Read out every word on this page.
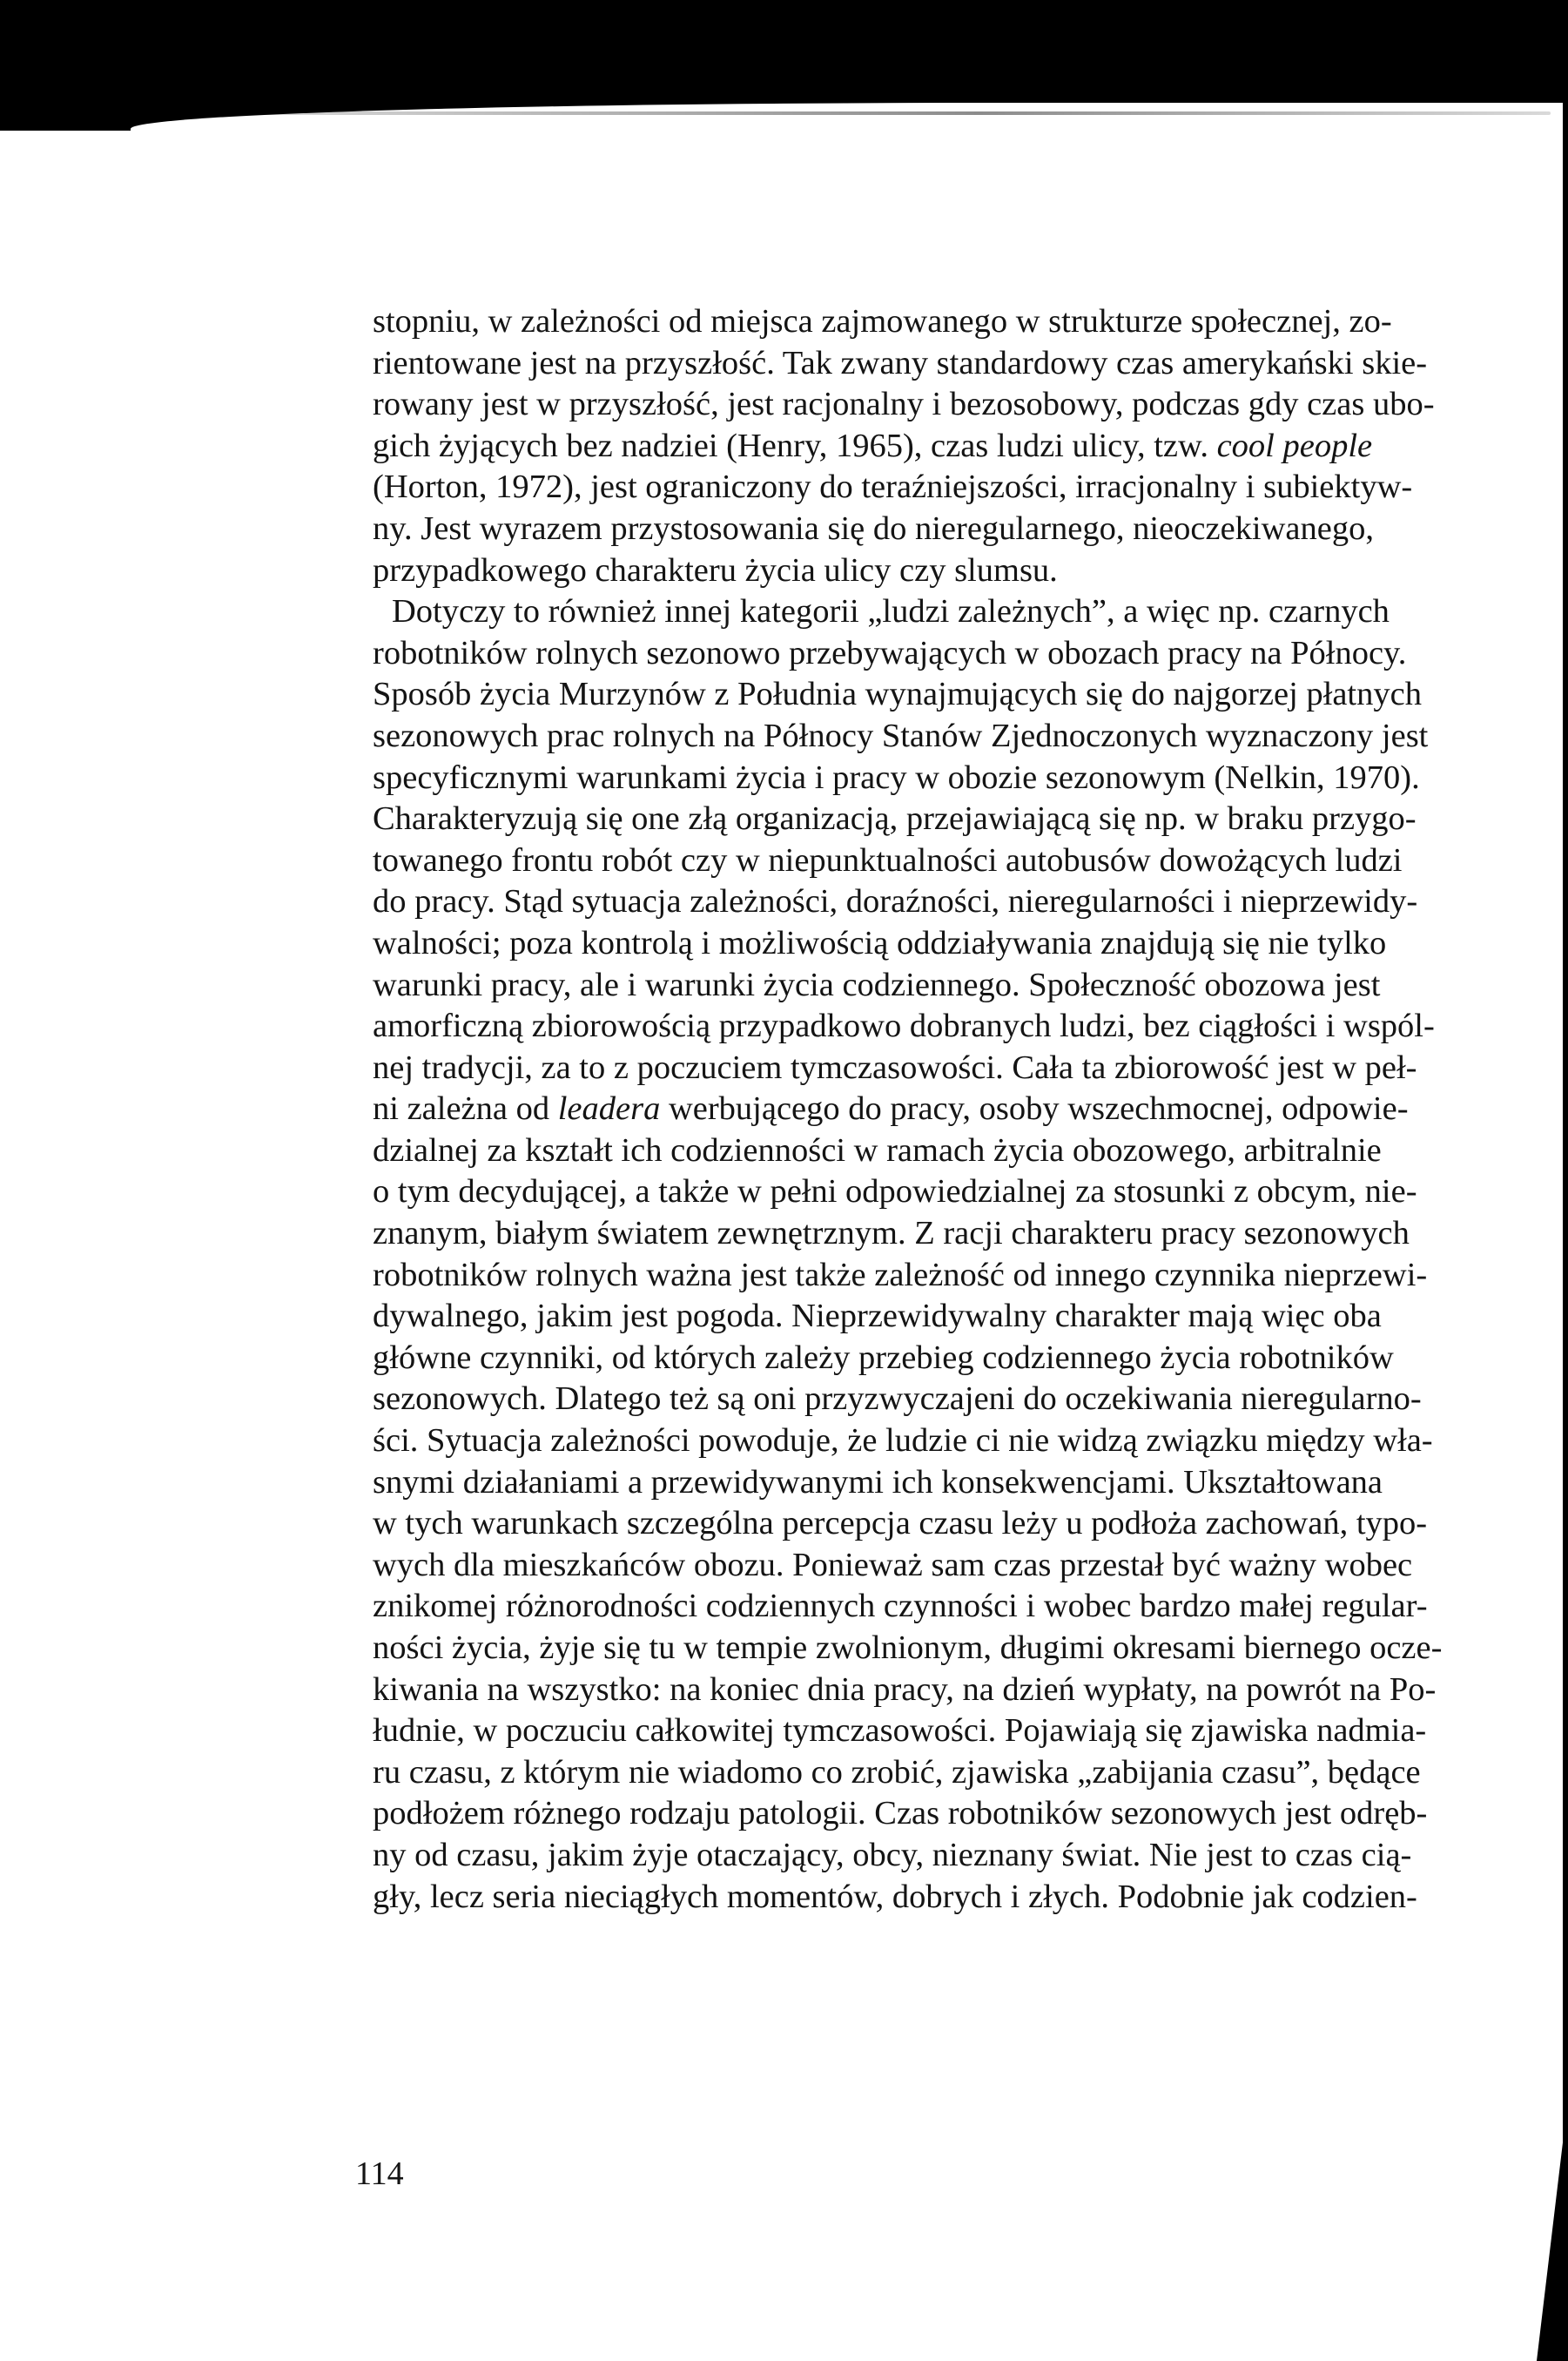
stopniu, w zależności od miejsca zajmowanego w strukturze społecznej, zo-
rientowane jest na przyszłość. Tak zwany standardowy czas amerykański skie-
rowany jest w przyszłość, jest racjonalny i bezosobowy, podczas gdy czas ubo-
gich żyjących bez nadziei (Henry, 1965), czas ludzi ulicy, tzw. cool people
(Horton, 1972), jest ograniczony do teraźniejszości, irracjonalny i subiektyw-
ny. Jest wyrazem przystosowania się do nieregularnego, nieoczekiwanego,
przypadkowego charakteru życia ulicy czy slumsu.
Dotyczy to również innej kategorii „ludzi zależnych”, a więc np. czarnych
robotników rolnych sezonowo przebywających w obozach pracy na Północy.
Sposób życia Murzynów z Południa wynajmujących się do najgorzej płatnych
sezonowych prac rolnych na Północy Stanów Zjednoczonych wyznaczony jest
specyficznymi warunkami życia i pracy w obozie sezonowym (Nelkin, 1970).
Charakteryzują się one złą organizacją, przejawiającą się np. w braku przygo-
towanego frontu robót czy w niepunktualności autobusów dowożących ludzi
do pracy. Stąd sytuacja zależności, doraźności, nieregularności i nieprzewidy-
walności; poza kontrolą i możliwością oddziaływania znajdują się nie tylko
warunki pracy, ale i warunki życia codziennego. Społeczność obozowa jest
amorficzną zbiorowością przypadkowo dobranych ludzi, bez ciągłości i wspól-
nej tradycji, za to z poczuciem tymczasowości. Cała ta zbiorowość jest w peł-
ni zależna od leadera werbującego do pracy, osoby wszechmocnej, odpowie-
dzialnej za kształt ich codzienności w ramach życia obozowego, arbitralnie
o tym decydującej, a także w pełni odpowiedzialnej za stosunki z obcym, nie-
znanym, białym światem zewnętrznym. Z racji charakteru pracy sezonowych
robotników rolnych ważna jest także zależność od innego czynnika nieprzewi-
dywalnego, jakim jest pogoda. Nieprzewidywalny charakter mają więc oba
główne czynniki, od których zależy przebieg codziennego życia robotników
sezonowych. Dlatego też są oni przyzwyczajeni do oczekiwania nieregularno-
ści. Sytuacja zależności powoduje, że ludzie ci nie widzą związku między wła-
snymi działaniami a przewidywanymi ich konsekwencjami. Ukształtowana
w tych warunkach szczególna percepcja czasu leży u podłoża zachowań, typo-
wych dla mieszkańców obozu. Ponieważ sam czas przestał być ważny wobec
znikomej różnorodności codziennych czynności i wobec bardzo małej regular-
ności życia, żyje się tu w tempie zwolnionym, długimi okresami biernego ocze-
kiwania na wszystko: na koniec dnia pracy, na dzień wypłaty, na powrót na Po-
łudnie, w poczuciu całkowitej tymczasowości. Pojawiają się zjawiska nadmia-
ru czasu, z którym nie wiadomo co zrobić, zjawiska „zabijania czasu”, będące
podłożem różnego rodzaju patologii. Czas robotników sezonowych jest odręb-
ny od czasu, jakim żyje otaczający, obcy, nieznany świat. Nie jest to czas cią-
gły, lecz seria nieciągłych momentów, dobrych i złych. Podobnie jak codzien-
114
